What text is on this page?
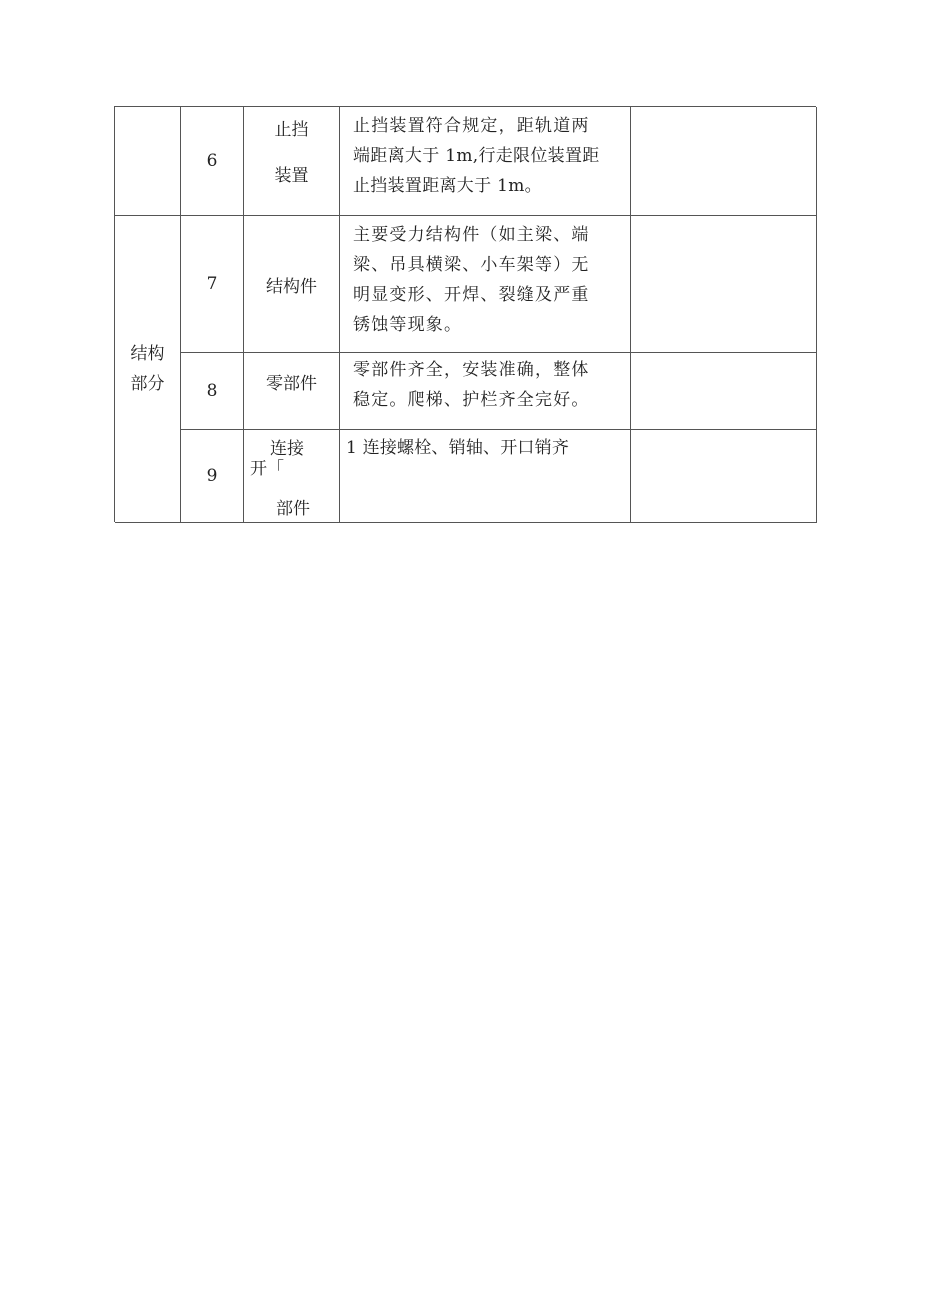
6
止挡
装置
止挡装置符合规定，距轨道两
端距离大于 1m,行走限位装置距
止挡装置距离大于 1m。
结构
部分
7	结构件
主要受力结构件（如主梁、端
梁、吊具横梁、小车架等）无
明显变形、开焊、裂缝及严重
锈蚀等现象。
8	零部件
零部件齐全，安装准确，整体
稳定。爬梯、护栏齐全完好。
9
连接
开「
部件
1 连接螺栓、销轴、开口销齐
